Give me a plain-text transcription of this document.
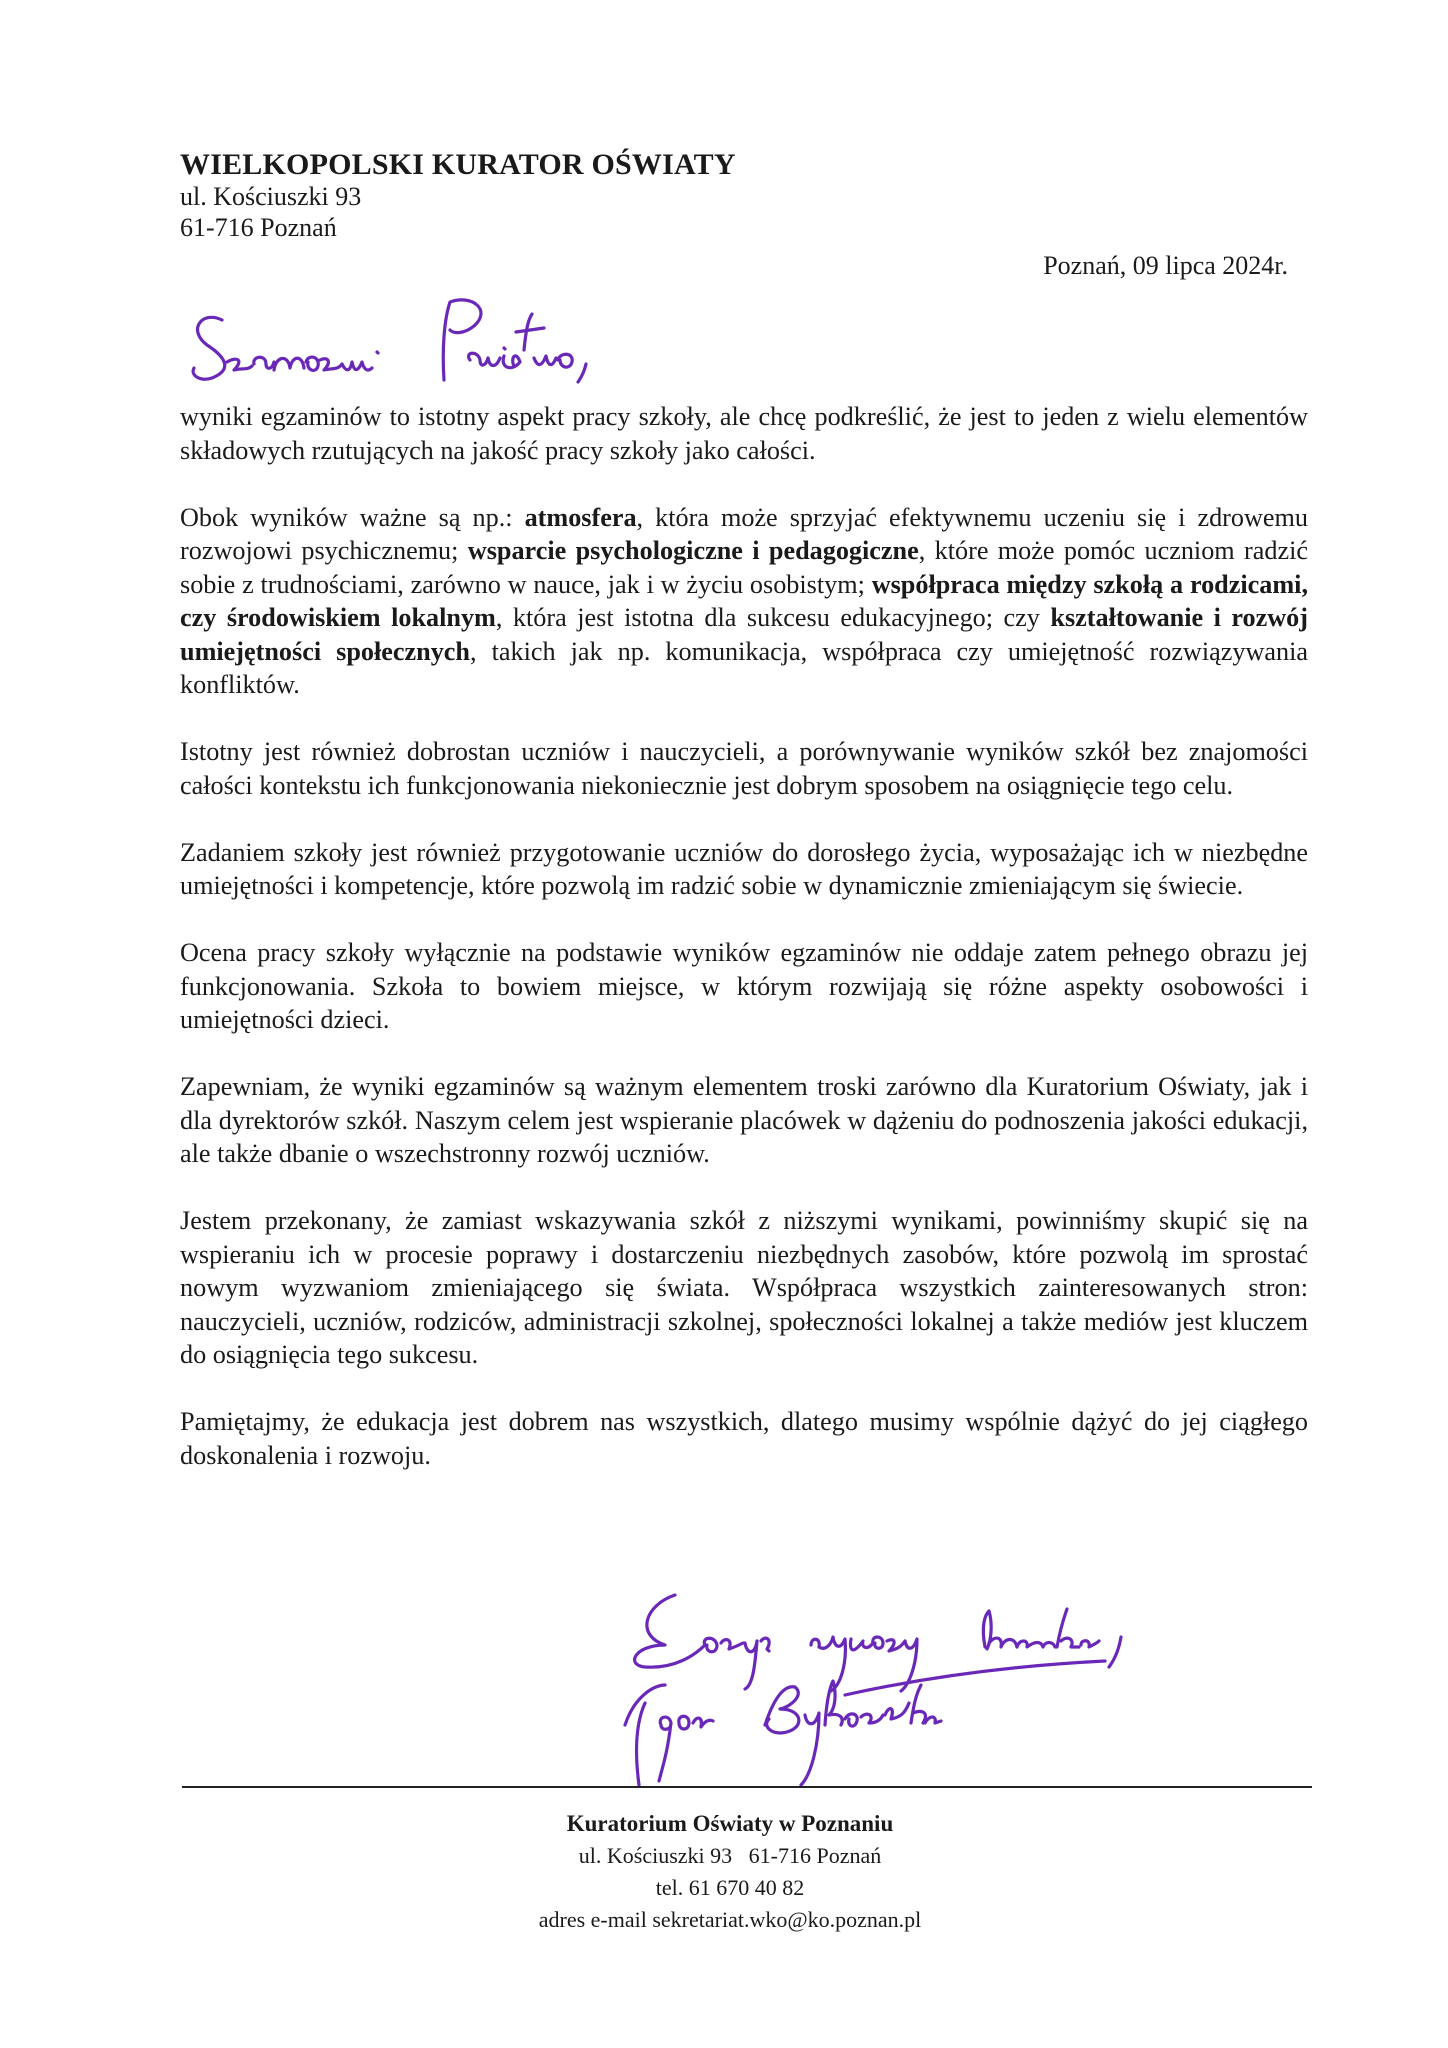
WIELKOPOLSKI KURATOR OŚWIATY
ul. Kościuszki 93
61-716 Poznań
Poznań, 09 lipca 2024r.

wyniki egzaminów to istotny aspekt pracy szkoły, ale chcę podkreślić, że jest to jeden z wielu elementów składowych rzutujących na jakość pracy szkoły jako całości.

Obok wyników ważne są np.: atmosfera, która może sprzyjać efektywnemu uczeniu się i zdrowemu rozwojowi psychicznemu; wsparcie psychologiczne i pedagogiczne, które może pomóc uczniom radzić sobie z trudnościami, zarówno w nauce, jak i w życiu osobistym; współpraca między szkołą a rodzicami, czy środowiskiem lokalnym, która jest istotna dla sukcesu edukacyjnego; czy kształtowanie i rozwój umiejętności społecznych, takich jak np. komunikacja, współpraca czy umiejętność rozwiązywania konfliktów.

Istotny jest również dobrostan uczniów i nauczycieli, a porównywanie wyników szkół bez znajomości całości kontekstu ich funkcjonowania niekoniecznie jest dobrym sposobem na osiągnięcie tego celu.

Zadaniem szkoły jest również przygotowanie uczniów do dorosłego życia, wyposażając ich w niezbędne umiejętności i kompetencje, które pozwolą im radzić sobie w dynamicznie zmieniającym się świecie.

Ocena pracy szkoły wyłącznie na podstawie wyników egzaminów nie oddaje zatem pełnego obrazu jej funkcjonowania. Szkoła to bowiem miejsce, w którym rozwijają się różne aspekty osobowości i umiejętności dzieci.

Zapewniam, że wyniki egzaminów są ważnym elementem troski zarówno dla Kuratorium Oświaty, jak i dla dyrektorów szkół. Naszym celem jest wspieranie placówek w dążeniu do podnoszenia jakości edukacji, ale także dbanie o wszechstronny rozwój uczniów.

Jestem przekonany, że zamiast wskazywania szkół z niższymi wynikami, powinniśmy skupić się na wspieraniu ich w procesie poprawy i dostarczeniu niezbędnych zasobów, które pozwolą im sprostać nowym wyzwaniom zmieniającego się świata. Współpraca wszystkich zainteresowanych stron: nauczycieli, uczniów, rodziców, administracji szkolnej, społeczności lokalnej a także mediów jest kluczem do osiągnięcia tego sukcesu.

Pamiętajmy, że edukacja jest dobrem nas wszystkich, dlatego musimy wspólnie dążyć do jej ciągłego doskonalenia i rozwoju.

Kuratorium Oświaty w Poznaniu
ul. Kościuszki 93   61-716 Poznań
tel. 61 670 40 82
adres e-mail sekretariat.wko@ko.poznan.pl
